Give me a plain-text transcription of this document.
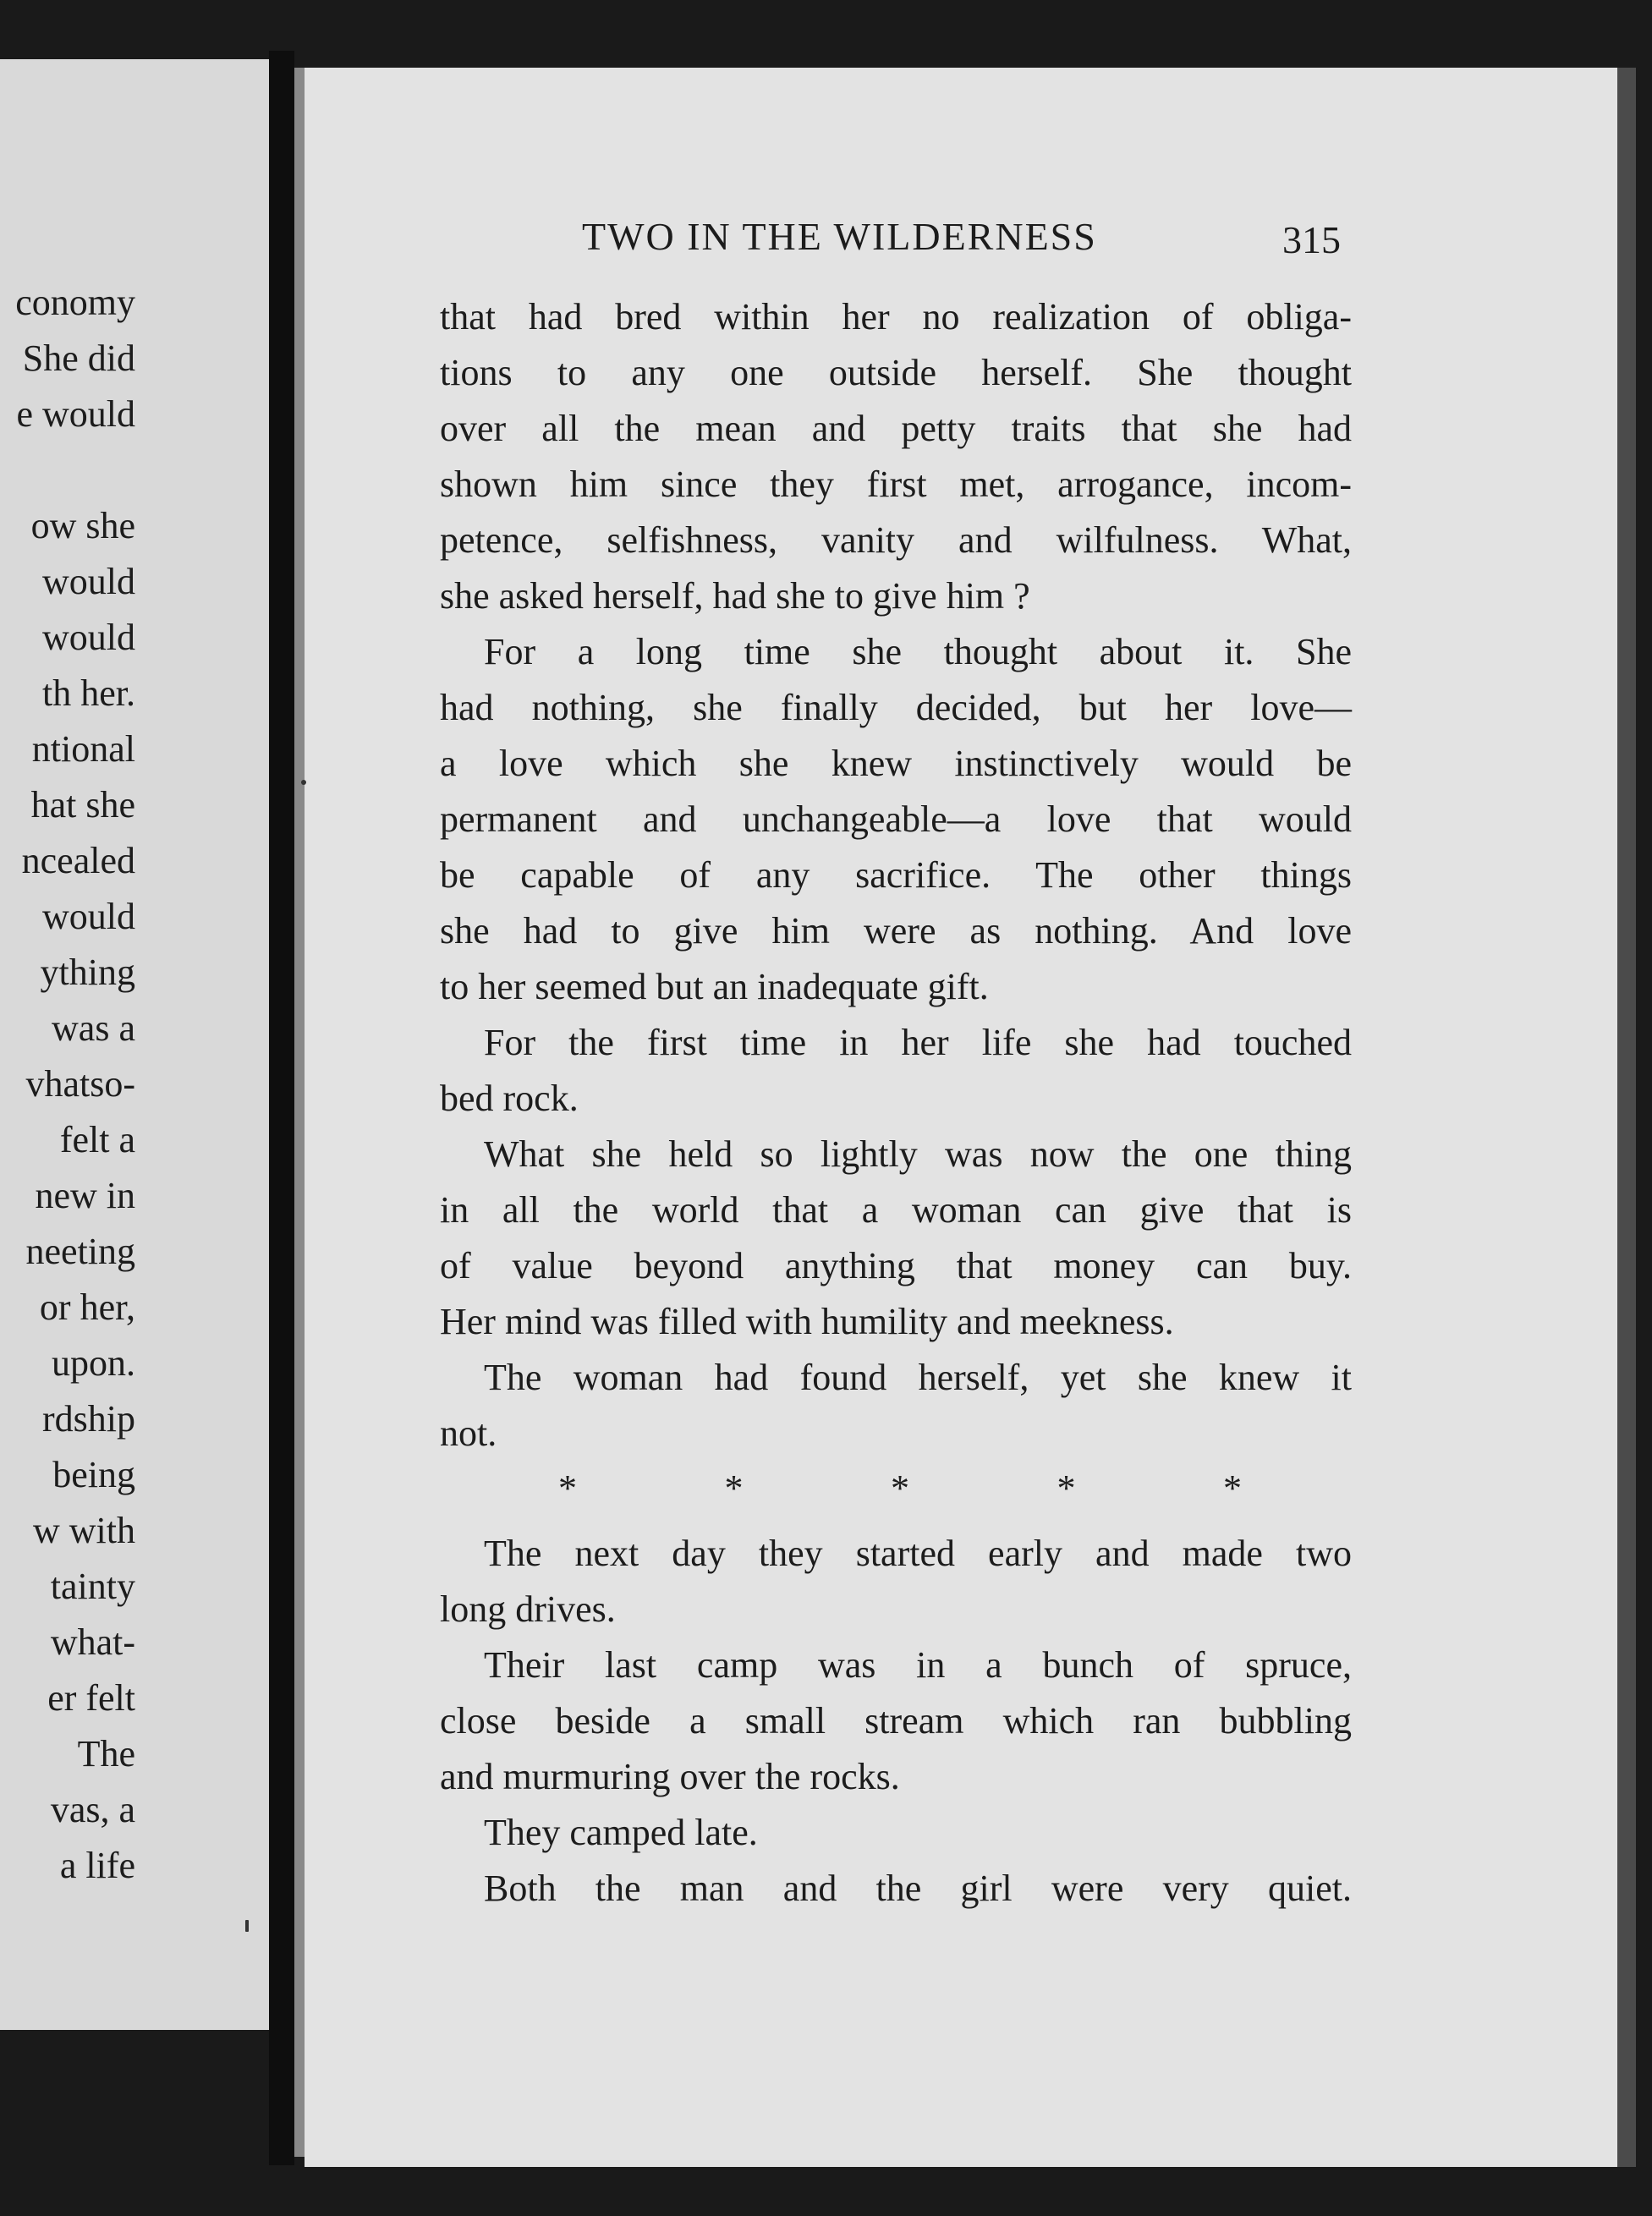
conomy
She did
e would
ow she
would
would
th her.
ntional
hat she
ncealed
would
ything
was a
vhatso-
felt a
new in
neeting
or her,
upon.
rdship
being
w with
tainty
what-
er felt
The
vas, a
a life
TWO IN THE WILDERNESS	315
that had bred within her no realization of obliga-
tions to any one outside herself. She thought
over all the mean and petty traits that she had
shown him since they first met, arrogance, incom-
petence, selfishness, vanity and wilfulness. What,
she asked herself, had she to give him ?
For a long time she thought about it. She
had nothing, she finally decided, but her love—
a love which she knew instinctively would be
permanent and unchangeable—a love that would
be capable of any sacrifice. The other things
she had to give him were as nothing. And love
to her seemed but an inadequate gift.
For the first time in her life she had touched
bed rock.
What she held so lightly was now the one thing
in all the world that a woman can give that is
of value beyond anything that money can buy.
Her mind was filled with humility and meekness.
The woman had found herself, yet she knew it
not.
*	*	*	*	*
The next day they started early and made two
long drives.
Their last camp was in a bunch of spruce,
close beside a small stream which ran bubbling
and murmuring over the rocks.
They camped late.
Both the man and the girl were very quiet.
